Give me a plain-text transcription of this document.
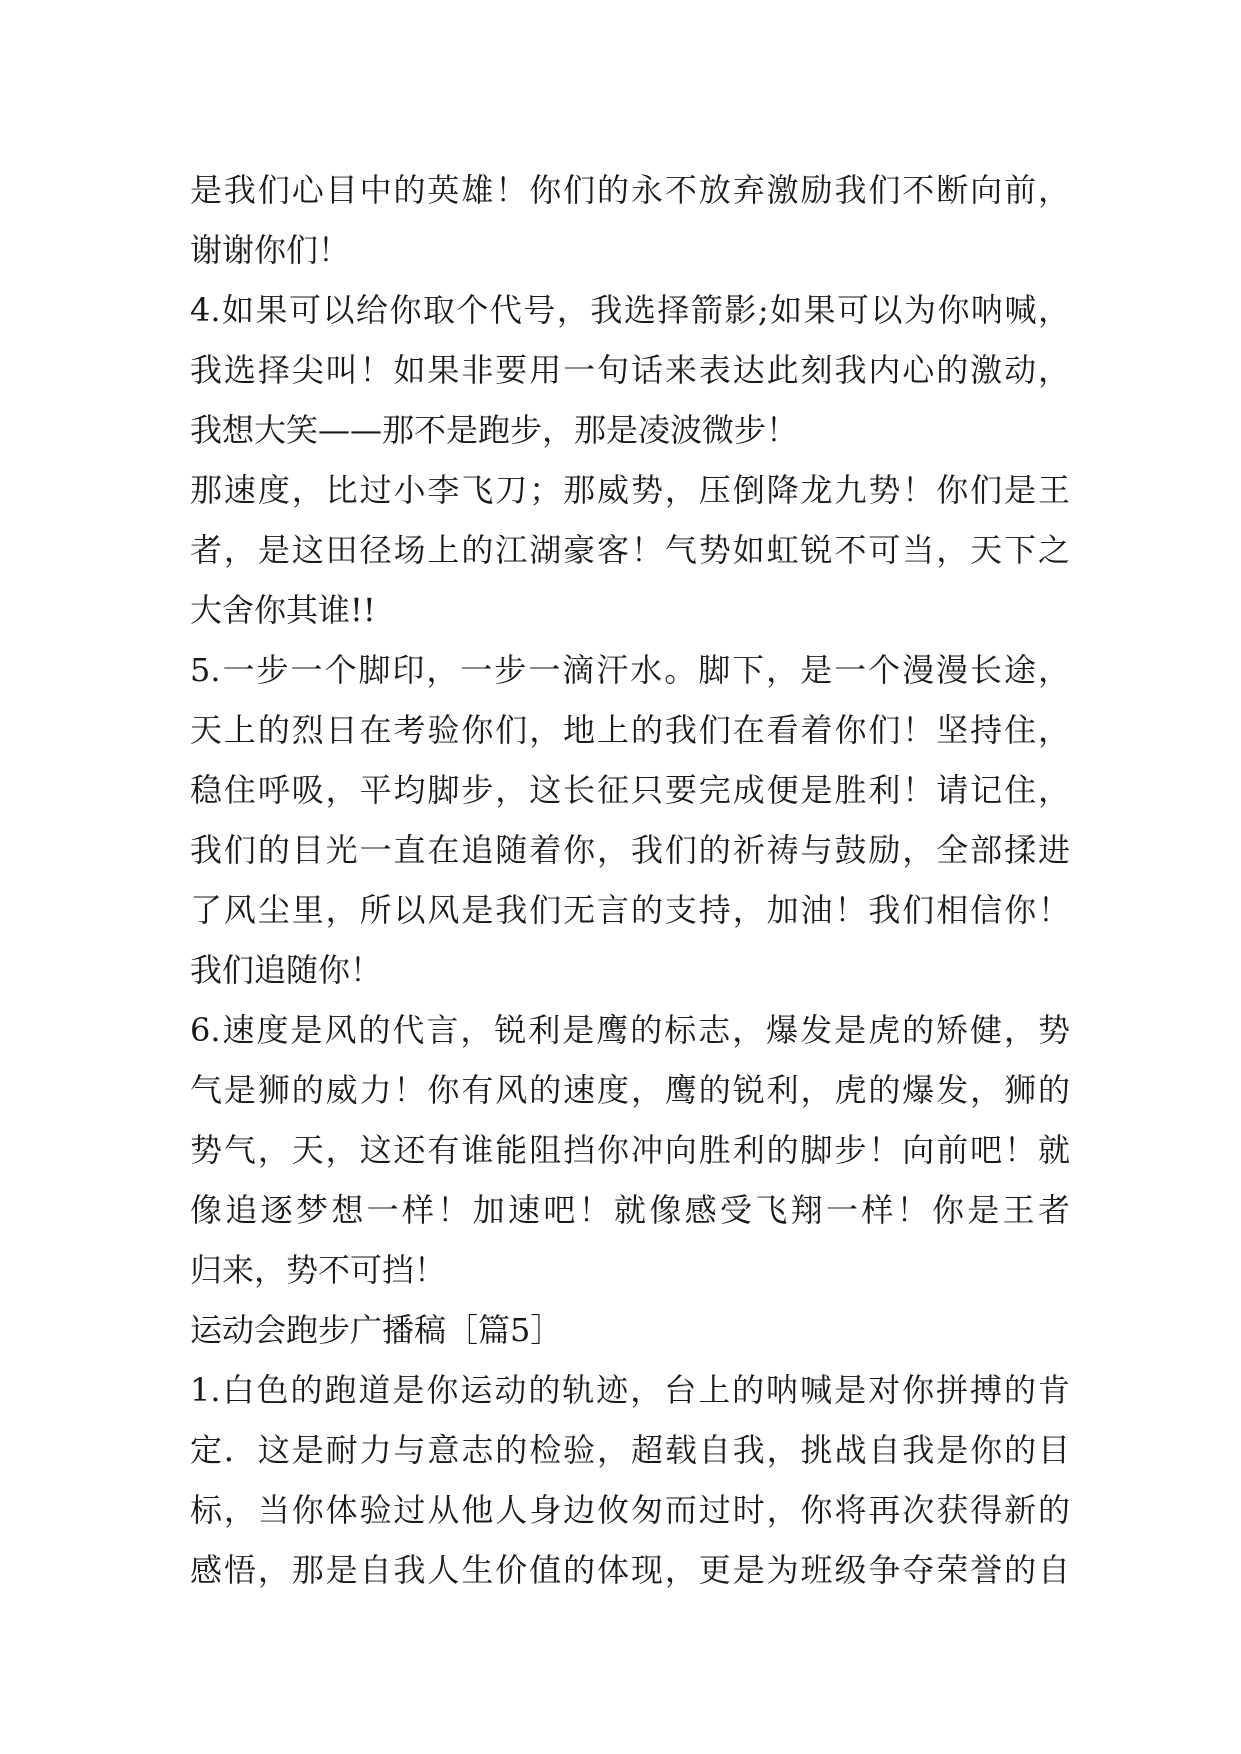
是我们心目中的英雄！你们的永不放弃激励我们不断向前，
谢谢你们！
4.如果可以给你取个代号，我选择箭影;如果可以为你呐喊，
我选择尖叫！如果非要用一句话来表达此刻我内心的激动，
我想大笑——那不是跑步，那是凌波微步！
那速度，比过小李飞刀；那威势，压倒降龙九势！你们是王
者，是这田径场上的江湖豪客！气势如虹锐不可当，天下之
大舍你其谁!!
5.一步一个脚印，一步一滴汗水。脚下，是一个漫漫长途，
天上的烈日在考验你们，地上的我们在看着你们！坚持住，
稳住呼吸，平均脚步，这长征只要完成便是胜利！请记住，
我们的目光一直在追随着你，我们的祈祷与鼓励，全部揉进
了风尘里，所以风是我们无言的支持，加油！我们相信你！
我们追随你！
6.速度是风的代言，锐利是鹰的标志，爆发是虎的矫健，势
气是狮的威力！你有风的速度，鹰的锐利，虎的爆发，狮的
势气，天，这还有谁能阻挡你冲向胜利的脚步！向前吧！就
像追逐梦想一样！加速吧！就像感受飞翔一样！你是王者
归来，势不可挡！
运动会跑步广播稿［篇5］
1.白色的跑道是你运动的轨迹，台上的呐喊是对你拼搏的肯
定．这是耐力与意志的检验，超载自我，挑战自我是你的目
标，当你体验过从他人身边攸匆而过时，你将再次获得新的
感悟，那是自我人生价值的体现，更是为班级争夺荣誉的自
